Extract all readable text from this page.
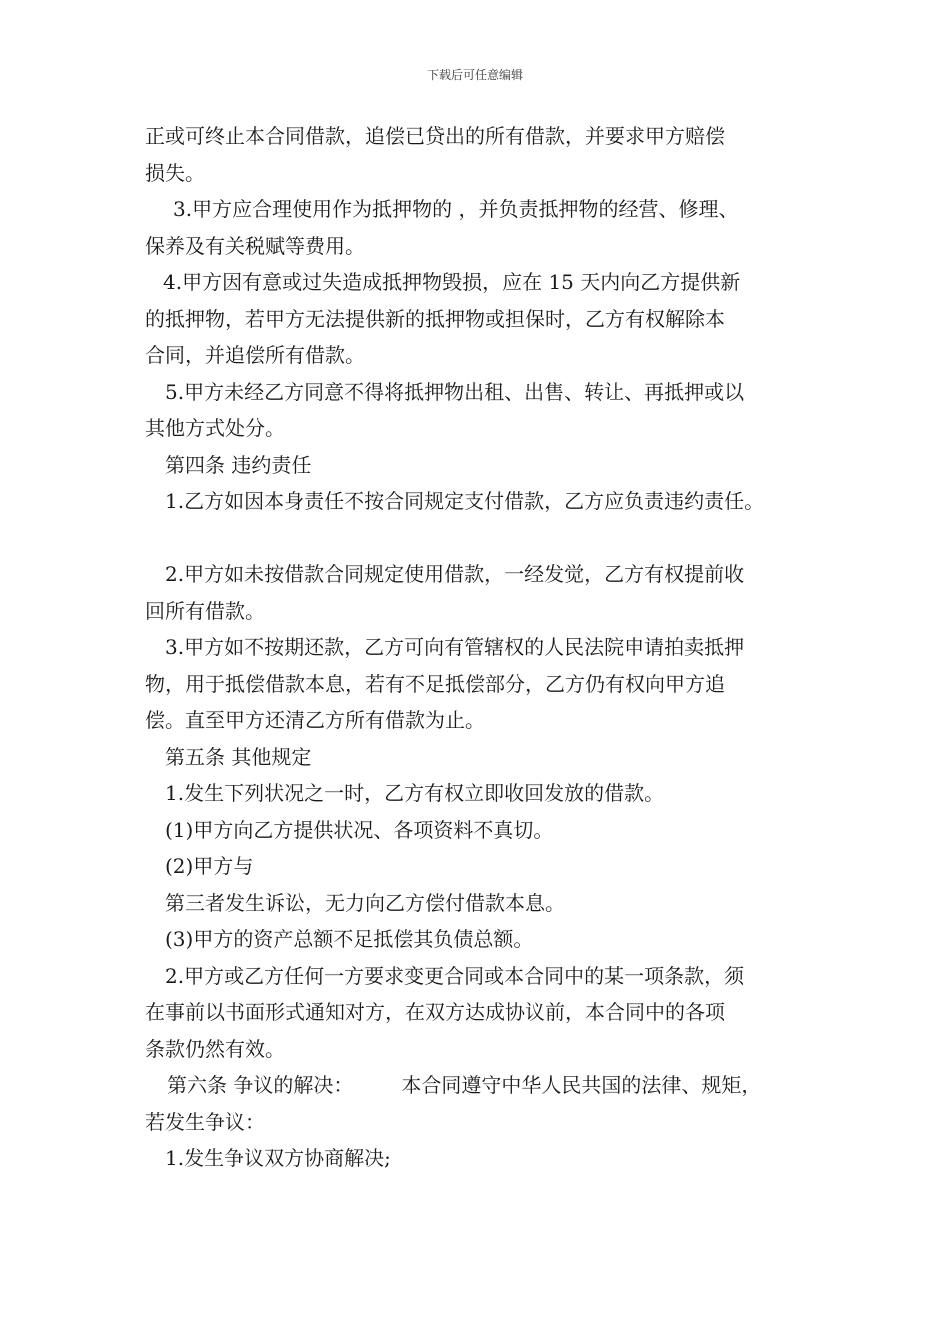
下载后可任意编辑
正或可终止本合同借款，追偿已贷出的所有借款，并要求甲方赔偿
损失。
3.甲方应合理使用作为抵押物的 ，并负责抵押物的经营、修理、
保养及有关税赋等费用。
4.甲方因有意或过失造成抵押物毁损，应在 15 天内向乙方提供新
的抵押物，若甲方无法提供新的抵押物或担保时，乙方有权解除本
合同，并追偿所有借款。
5.甲方未经乙方同意不得将抵押物出租、出售、转让、再抵押或以
其他方式处分。
第四条 违约责任
1.乙方如因本身责任不按合同规定支付借款，乙方应负责违约责任。
2.甲方如未按借款合同规定使用借款，一经发觉，乙方有权提前收
回所有借款。
3.甲方如不按期还款，乙方可向有管辖权的人民法院申请拍卖抵押
物，用于抵偿借款本息，若有不足抵偿部分，乙方仍有权向甲方追
偿。直至甲方还清乙方所有借款为止。
第五条 其他规定
1.发生下列状况之一时，乙方有权立即收回发放的借款。
(1)甲方向乙方提供状况、各项资料不真切。
(2)甲方与
第三者发生诉讼，无力向乙方偿付借款本息。
(3)甲方的资产总额不足抵偿其负债总额。
2.甲方或乙方任何一方要求变更合同或本合同中的某一项条款，须
在事前以书面形式通知对方，在双方达成协议前，本合同中的各项
条款仍然有效。
第六条 争议的解决： 本合同遵守中华人民共国的法律、规矩，
若发生争议：
1.发生争议双方协商解决;
